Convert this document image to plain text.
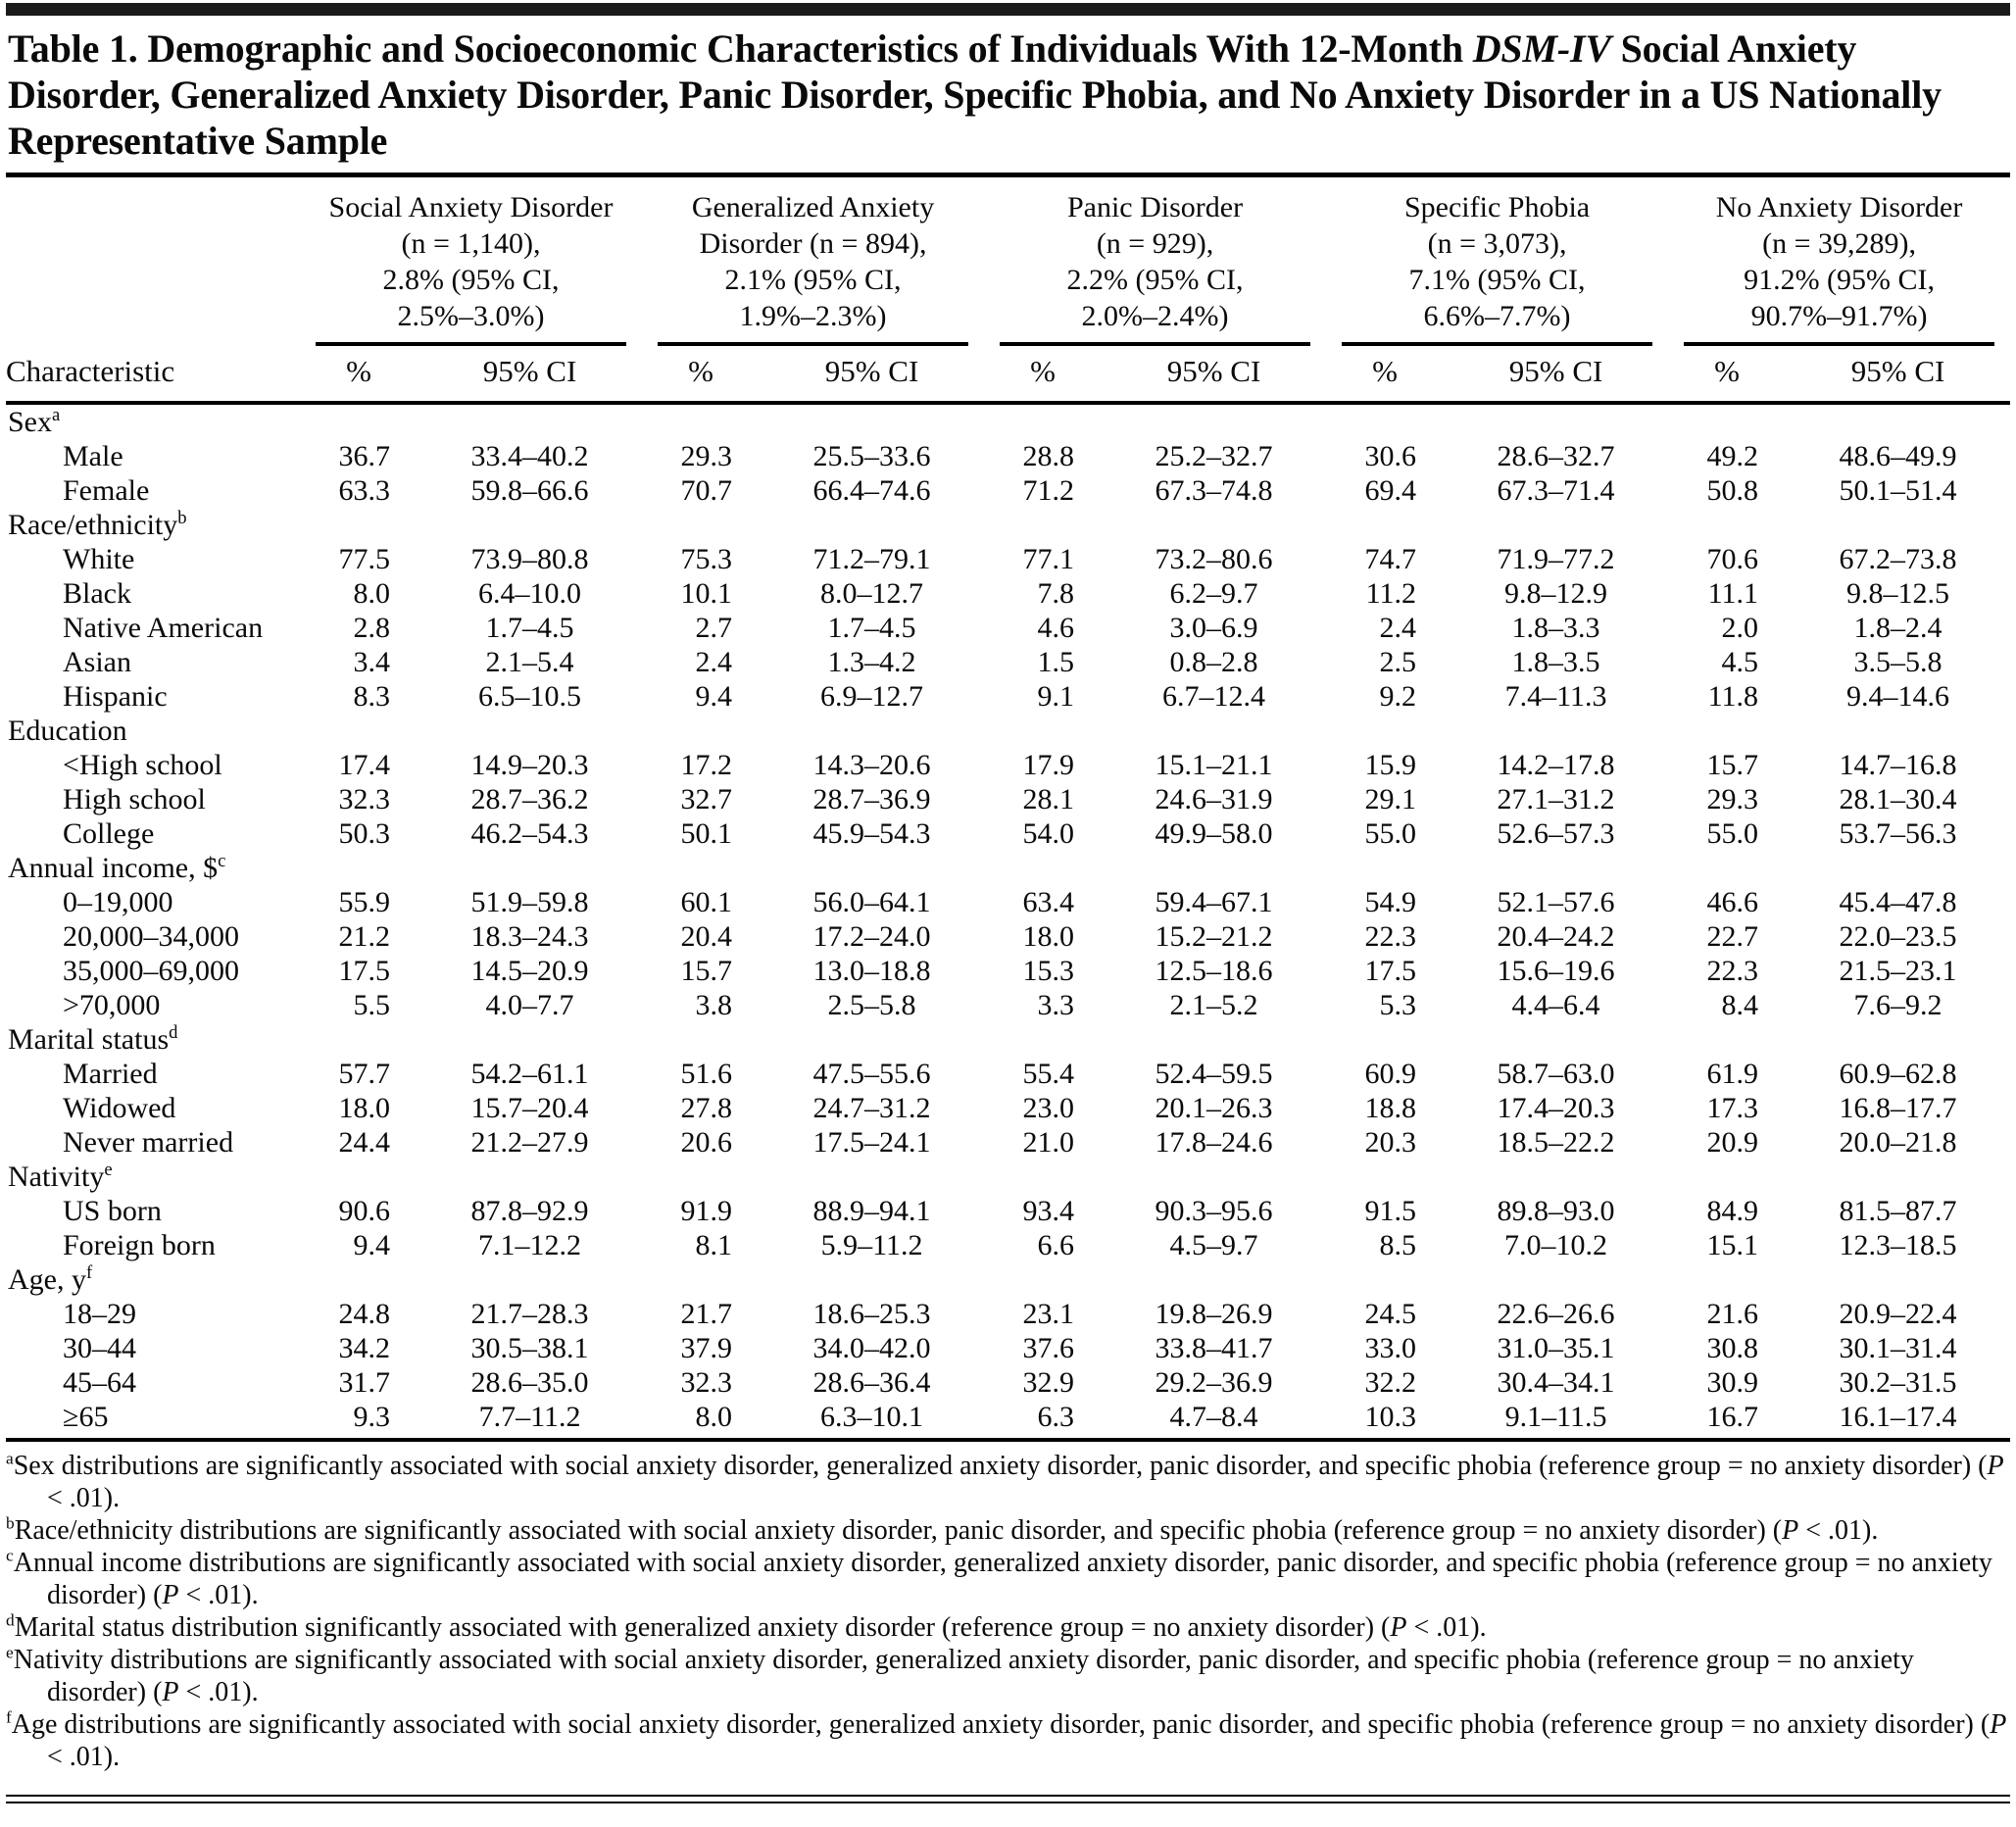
Table 1. Demographic and Socioeconomic Characteristics of Individuals With 12-Month DSM-IV Social Anxiety Disorder, Generalized Anxiety Disorder, Panic Disorder, Specific Phobia, and No Anxiety Disorder in a US Nationally Representative Sample

Social Anxiety Disorder
(n = 1,140),
2.8% (95% CI,
2.5%–3.0%)

Generalized Anxiety
Disorder (n = 894),
2.1% (95% CI,
1.9%–2.3%)

Panic Disorder
(n = 929),
2.2% (95% CI,
2.0%–2.4%)

Specific Phobia
(n = 3,073),
7.1% (95% CI,
6.6%–7.7%)

No Anxiety Disorder
(n = 39,289),
91.2% (95% CI,
90.7%–91.7%)

Characteristic	%	95% CI	%	95% CI	%	95% CI	%	95% CI	%	95% CI
Sex$^a$
Male	36.7	33.4–40.2	29.3	25.5–33.6	28.8	25.2–32.7	30.6	28.6–32.7	49.2	48.6–49.9
Female	63.3	59.8–66.6	70.7	66.4–74.6	71.2	67.3–74.8	69.4	67.3–71.4	50.8	50.1–51.4
Race/ethnicity$^b$
White	77.5	73.9–80.8	75.3	71.2–79.1	77.1	73.2–80.6	74.7	71.9–77.2	70.6	67.2–73.8
Black	8.0	6.4–10.0	10.1	8.0–12.7	7.8	6.2–9.7	11.2	9.8–12.9	11.1	9.8–12.5
Native American	2.8	1.7–4.5	2.7	1.7–4.5	4.6	3.0–6.9	2.4	1.8–3.3	2.0	1.8–2.4
Asian	3.4	2.1–5.4	2.4	1.3–4.2	1.5	0.8–2.8	2.5	1.8–3.5	4.5	3.5–5.8
Hispanic	8.3	6.5–10.5	9.4	6.9–12.7	9.1	6.7–12.4	9.2	7.4–11.3	11.8	9.4–14.6
Education										
<High school	17.4	14.9–20.3	17.2	14.3–20.6	17.9	15.1–21.1	15.9	14.2–17.8	15.7	14.7–16.8
High school	32.3	28.7–36.2	32.7	28.7–36.9	28.1	24.6–31.9	29.1	27.1–31.2	29.3	28.1–30.4
College	50.3	46.2–54.3	50.1	45.9–54.3	54.0	49.9–58.0	55.0	52.6–57.3	55.0	53.7–56.3
Annual income, \$$^c$
0–19,000	55.9	51.9–59.8	60.1	56.0–64.1	63.4	59.4–67.1	54.9	52.1–57.6	46.6	45.4–47.8
20,000–34,000	21.2	18.3–24.3	20.4	17.2–24.0	18.0	15.2–21.2	22.3	20.4–24.2	22.7	22.0–23.5
35,000–69,000	17.5	14.5–20.9	15.7	13.0–18.8	15.3	12.5–18.6	17.5	15.6–19.6	22.3	21.5–23.1
>70,000	5.5	4.0–7.7	3.8	2.5–5.8	3.3	2.1–5.2	5.3	4.4–6.4	8.4	7.6–9.2
Marital status$^d$
Married	57.7	54.2–61.1	51.6	47.5–55.6	55.4	52.4–59.5	60.9	58.7–63.0	61.9	60.9–62.8
Widowed	18.0	15.7–20.4	27.8	24.7–31.2	23.0	20.1–26.3	18.8	17.4–20.3	17.3	16.8–17.7
Never married	24.4	21.2–27.9	20.6	17.5–24.1	21.0	17.8–24.6	20.3	18.5–22.2	20.9	20.0–21.8
Nativity$^e$
US born	90.6	87.8–92.9	91.9	88.9–94.1	93.4	90.3–95.6	91.5	89.8–93.0	84.9	81.5–87.7
Foreign born	9.4	7.1–12.2	8.1	5.9–11.2	6.6	4.5–9.7	8.5	7.0–10.2	15.1	12.3–18.5
Age, $y^f$
18–29	24.8	21.7–28.3	21.7	18.6–25.3	23.1	19.8–26.9	24.5	22.6–26.6	21.6	20.9–22.4
30–44	34.2	30.5–38.1	37.9	34.0–42.0	37.6	33.8–41.7	33.0	31.0–35.1	30.8	30.1–31.4
45–64	31.7	28.6–35.0	32.3	28.6–36.4	32.9	29.2–36.9	32.2	30.4–34.1	30.9	30.2–31.5
≥65	9.3	7.7–11.2	8.0	6.3–10.1	6.3	4.7–8.4	10.3	9.1–11.5	16.7	16.1–17.4

$^a$Sex distributions are significantly associated with social anxiety disorder, generalized anxiety disorder, panic disorder, and specific phobia (reference group = no anxiety disorder) (P < .01).

$^b$Race/ethnicity distributions are significantly associated with social anxiety disorder, panic disorder, and specific phobia (reference group = no anxiety disorder) (P < .01).

$^c$Annual income distributions are significantly associated with social anxiety disorder, generalized anxiety disorder, panic disorder, and specific phobia (reference group = no anxiety disorder) (P < .01).

$^d$Marital status distribution significantly associated with generalized anxiety disorder (reference group = no anxiety disorder) (P < .01).

$^e$Nativity distributions are significantly associated with social anxiety disorder, generalized anxiety disorder, panic disorder, and specific phobia (reference group = no anxiety disorder) (P < .01).

$^f$Age distributions are significantly associated with social anxiety disorder, generalized anxiety disorder, panic disorder, and specific phobia (reference group = no anxiety disorder) (P < .01).
